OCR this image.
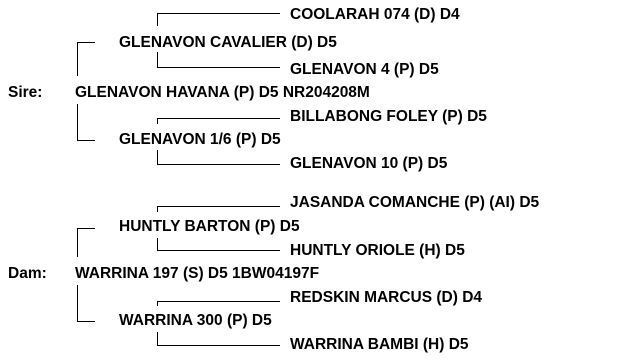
COOLARAH 074 (D) D4
GLENAVON CAVALIER (D) D5
GLENAVON 4 (P) D5
Sire: GLENAVON HAVANA (P) D5 NR204208M
BILLABONG FOLEY (P) D5
GLENAVON 1/6 (P) D5
GLENAVON 10 (P) D5
JASANDA COMANCHE (P) (AI) D5
HUNTLY BARTON (P) D5
HUNTLY ORIOLE (H) D5
Dam: WARRINA 197 (S) D5 1BW04197F
REDSKIN MARCUS (D) D4
WARRINA 300 (P) D5
WARRINA BAMBI (H) D5
